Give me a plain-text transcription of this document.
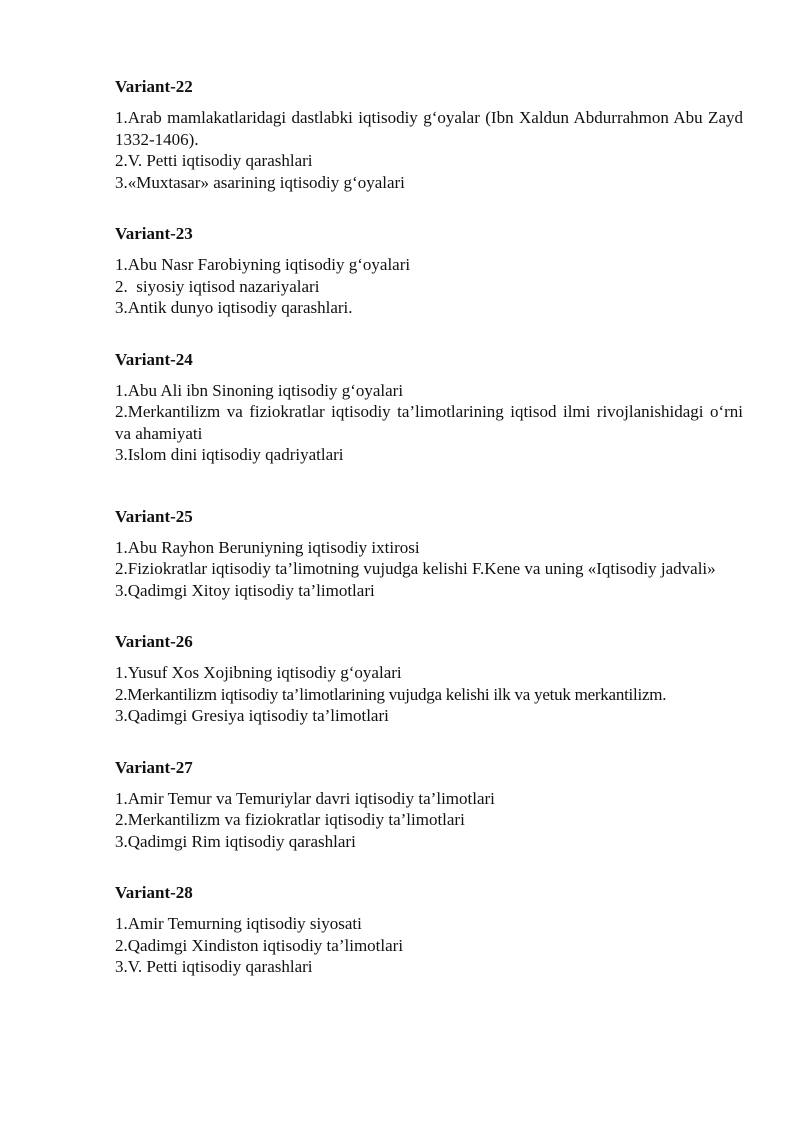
Variant-22

1.Arab mamlakatlaridagi dastlabki iqtisodiy g‘oyalar (Ibn Xaldun Abdurrahmon Abu Zayd 1332-1406).

2.V. Petti iqtisodiy qarashlari

3.«Muxtasar» asarining iqtisodiy g‘oyalari

Variant-23

1.Abu Nasr Farobiyning iqtisodiy g‘oyalari

2.  siyosiy iqtisod nazariyalari

3.Antik dunyo iqtisodiy qarashlari.

Variant-24

1.Abu Ali ibn Sinoning iqtisodiy g‘oyalari

2.Merkantilizm va fiziokratlar iqtisodiy ta’limotlarining iqtisod ilmi rivojlanishidagi o‘rni va ahamiyati

3.Islom dini iqtisodiy qadriyatlari

Variant-25

1.Abu Rayhon Beruniyning iqtisodiy ixtirosi

2.Fiziokratlar iqtisodiy ta’limotning vujudga kelishi F.Kene va uning «Iqtisodiy jadvali»

3.Qadimgi Xitoy iqtisodiy ta’limotlari

Variant-26

1.Yusuf Xos Xojibning iqtisodiy g‘oyalari

2.Merkantilizm iqtisodiy ta’limotlarining vujudga kelishi ilk va yetuk merkantilizm.

3.Qadimgi Gresiya iqtisodiy ta’limotlari

Variant-27

1.Amir Temur va Temuriylar davri iqtisodiy ta’limotlari

2.Merkantilizm va fiziokratlar iqtisodiy ta’limotlari

3.Qadimgi Rim iqtisodiy qarashlari

Variant-28

1.Amir Temurning iqtisodiy siyosati

2.Qadimgi Xindiston iqtisodiy ta’limotlari

3.V. Petti iqtisodiy qarashlari
